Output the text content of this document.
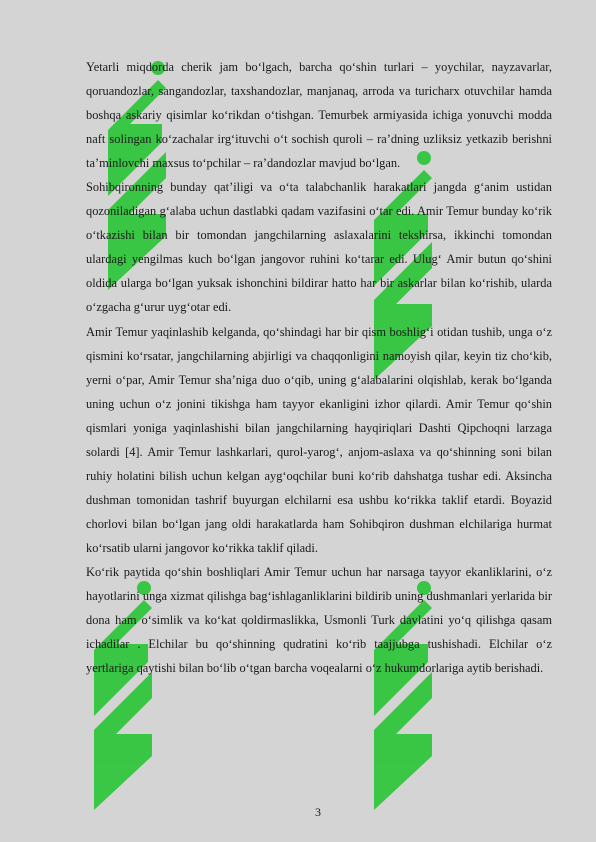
Yetarli miqdorda cherik jam bo‘lgach, barcha qo‘shin turlari – yoychilar, nayzavarlar, qoruandozlar, sangandozlar, taxshandozlar, manjanaq, arroda va turicharx otuvchilar hamda boshqa askariy qisimlar ko‘rikdan o‘tishgan. Temurbek armiyasida ichiga yonuvchi modda naft solingan ko‘zachalar irg‘ituvchi o‘t sochish quroli – ra’dning uzliksiz yetkazib berishni ta’minlovchi maxsus to‘pchilar – ra’dandozlar mavjud bo‘lgan.

Sohibqironning bunday qat’iligi va o‘ta talabchanlik harakatlari jangda g‘anim ustidan qozoniladigan g‘alaba uchun dastlabki qadam vazifasini o‘tar edi. Amir Temur bunday ko‘rik o‘tkazishi bilan bir tomondan jangchilarning aslaxalarini tekshirsa, ikkinchi tomondan ulardagi yengilmas kuch bo‘lgan jangovor ruhini ko‘tarar edi. Ulug‘ Amir butun qo‘shini oldida ularga bo‘lgan yuksak ishonchini bildirar hatto har bir askarlar bilan ko‘rishib, ularda o‘zgacha g‘urur uyg‘otar edi.

Amir Temur yaqinlashib kelganda, qo‘shindagi har bir qism boshlig‘i otidan tushib, unga o‘z qismini ko‘rsatar, jangchilarning abjirligi va chaqqonligini namoyish qilar, keyin tiz cho‘kib, yerni o‘par, Amir Temur sha’niga duo o‘qib, uning g‘alabalarini olqishlab, kerak bo‘lganda uning uchun o‘z jonini tikishga ham tayyor ekanligini izhor qilardi. Amir Temur qo‘shin qismlari yoniga yaqinlashishi bilan jangchilarning hayqiriqlari Dashti Qipchoqni larzaga solardi [4]. Amir Temur lashkarlari, qurol-yarog‘, anjom-aslaxa va qo‘shinning soni bilan ruhiy holatini bilish uchun kelgan ayg‘oqchilar buni ko‘rib dahshatga tushar edi. Aksincha dushman tomonidan tashrif buyurgan elchilarni esa ushbu ko‘rikka taklif etardi. Boyazid chorlovi bilan bo‘lgan jang oldi harakatlarda ham Sohibqiron dushman elchilariga hurmat ko‘rsatib ularni jangovor ko‘rikka taklif qiladi.

Ko‘rik paytida qo‘shin boshliqlari Amir Temur uchun har narsaga tayyor ekanliklarini, o‘z hayotlarini unga xizmat qilishga bag‘ishlaganliklarini bildirib uning dushmanlari yerlarida bir dona ham o‘simlik va ko‘kat qoldirmaslikka, Usmonli Turk davlatini yo‘q qilishga qasam ichadilar . Elchilar bu qo‘shinning qudratini ko‘rib taajjubga tushishadi. Elchilar o‘z yertlariga qaytishi bilan bo‘lib o‘tgan barcha voqealarni o‘z hukumdorlariga aytib berishadi.

3
